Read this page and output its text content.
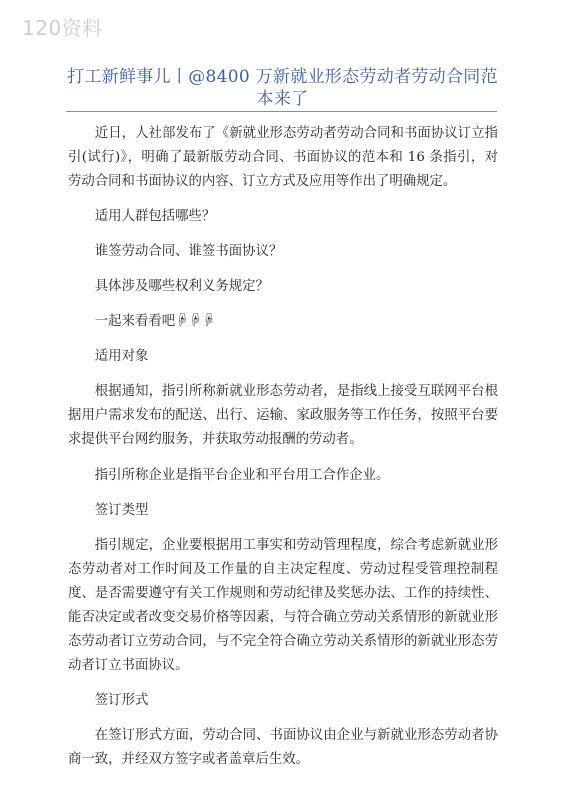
120资料
打工新鲜事儿丨@8400 万新就业形态劳动者劳动合同范本来了

近日，人社部发布了《新就业形态劳动者劳动合同和书面协议订立指引(试行)》，明确了最新版劳动合同、书面协议的范本和 16 条指引，对劳动合同和书面协议的内容、订立方式及应用等作出了明确规定。

适用人群包括哪些？

谁签劳动合同、谁签书面协议？

具体涉及哪些权利义务规定？

一起来看看吧☟☟☟

适用对象

根据通知，指引所称新就业形态劳动者，是指线上接受互联网平台根据用户需求发布的配送、出行、运输、家政服务等工作任务，按照平台要求提供平台网约服务，并获取劳动报酬的劳动者。

指引所称企业是指平台企业和平台用工合作企业。

签订类型

指引规定，企业要根据用工事实和劳动管理程度，综合考虑新就业形态劳动者对工作时间及工作量的自主决定程度、劳动过程受管理控制程度、是否需要遵守有关工作规则和劳动纪律及奖惩办法、工作的持续性、能否决定或者改变交易价格等因素，与符合确立劳动关系情形的新就业形态劳动者订立劳动合同，与不完全符合确立劳动关系情形的新就业形态劳动者订立书面协议。

签订形式

在签订形式方面，劳动合同、书面协议由企业与新就业形态劳动者协商一致，并经双方签字或者盖章后生效。
